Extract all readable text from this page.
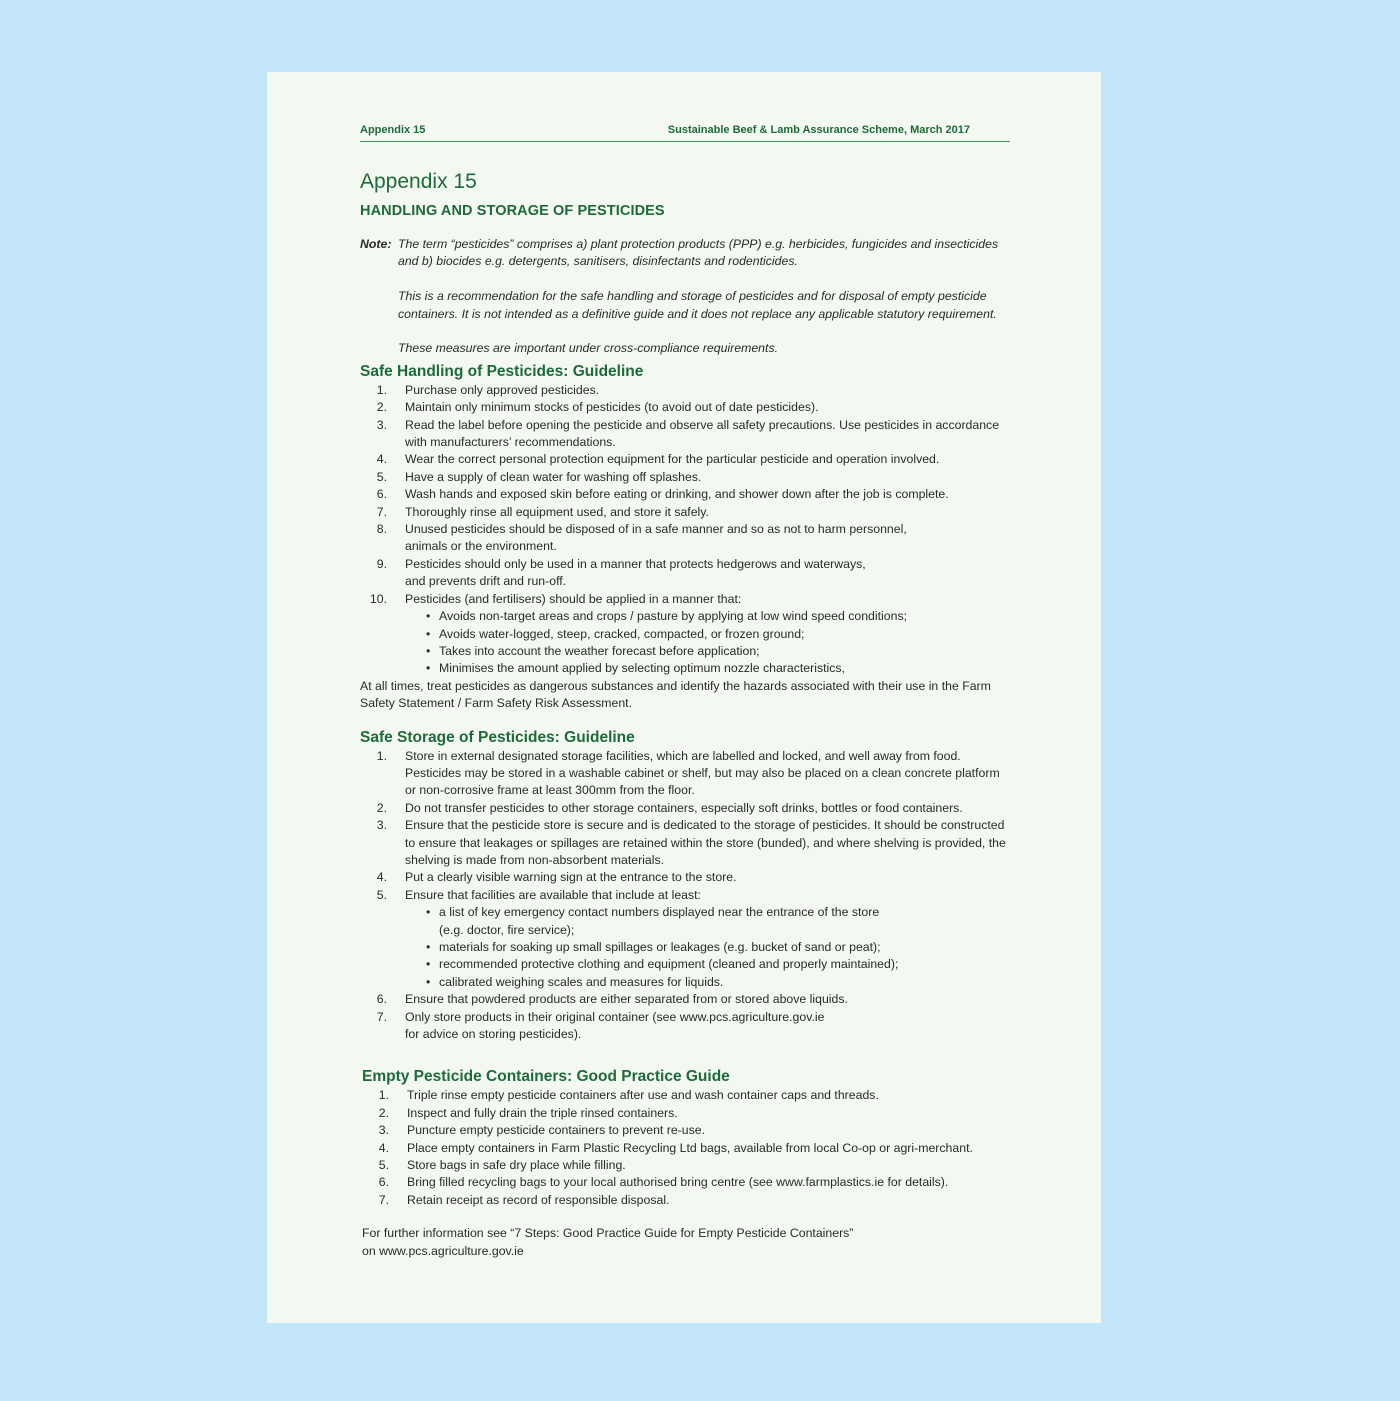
Appendix 15	Sustainable Beef & Lamb Assurance Scheme, March 2017
Appendix 15
HANDLING AND STORAGE OF PESTICIDES
Note: The term “pesticides” comprises a) plant protection products (PPP) e.g. herbicides, fungicides and insecticides and b) biocides e.g. detergents, sanitisers, disinfectants and rodenticides.

This is a recommendation for the safe handling and storage of pesticides and for disposal of empty pesticide containers. It is not intended as a definitive guide and it does not replace any applicable statutory requirement.

These measures are important under cross-compliance requirements.

Safe Handling of Pesticides: Guideline
1. Purchase only approved pesticides.
2. Maintain only minimum stocks of pesticides (to avoid out of date pesticides).
3. Read the label before opening the pesticide and observe all safety precautions. Use pesticides in accordance with manufacturers’ recommendations.
4. Wear the correct personal protection equipment for the particular pesticide and operation involved.
5. Have a supply of clean water for washing off splashes.
6. Wash hands and exposed skin before eating or drinking, and shower down after the job is complete.
7. Thoroughly rinse all equipment used, and store it safely.
8. Unused pesticides should be disposed of in a safe manner and so as not to harm personnel,
animals or the environment.
9. Pesticides should only be used in a manner that protects hedgerows and waterways,
and prevents drift and run-off.
10. Pesticides (and fertilisers) should be applied in a manner that:
• Avoids non-target areas and crops / pasture by applying at low wind speed conditions;
• Avoids water-logged, steep, cracked, compacted, or frozen ground;
• Takes into account the weather forecast before application;
• Minimises the amount applied by selecting optimum nozzle characteristics,

At all times, treat pesticides as dangerous substances and identify the hazards associated with their use in the Farm Safety Statement / Farm Safety Risk Assessment.

Safe Storage of Pesticides: Guideline
1. Store in external designated storage facilities, which are labelled and locked, and well away from food. Pesticides may be stored in a washable cabinet or shelf, but may also be placed on a clean concrete platform or non-corrosive frame at least 300mm from the floor.
2. Do not transfer pesticides to other storage containers, especially soft drinks, bottles or food containers.
3. Ensure that the pesticide store is secure and is dedicated to the storage of pesticides. It should be constructed to ensure that leakages or spillages are retained within the store (bunded), and where shelving is provided, the shelving is made from non-absorbent materials.
4. Put a clearly visible warning sign at the entrance to the store.
5. Ensure that facilities are available that include at least:
• a list of key emergency contact numbers displayed near the entrance of the store
(e.g. doctor, fire service);
• materials for soaking up small spillages or leakages (e.g. bucket of sand or peat);
• recommended protective clothing and equipment (cleaned and properly maintained);
• calibrated weighing scales and measures for liquids.
6. Ensure that powdered products are either separated from or stored above liquids.
7. Only store products in their original container (see www.pcs.agriculture.gov.ie
for advice on storing pesticides).
Empty Pesticide Containers: Good Practice Guide
1. Triple rinse empty pesticide containers after use and wash container caps and threads.
2. Inspect and fully drain the triple rinsed containers.
3. Puncture empty pesticide containers to prevent re-use.
4. Place empty containers in Farm Plastic Recycling Ltd bags, available from local Co-op or agri-merchant.
5. Store bags in safe dry place while filling.
6. Bring filled recycling bags to your local authorised bring centre (see www.farmplastics.ie for details).
7. Retain receipt as record of responsible disposal.

For further information see “7 Steps: Good Practice Guide for Empty Pesticide Containers”

on www.pcs.agriculture.gov.ie
